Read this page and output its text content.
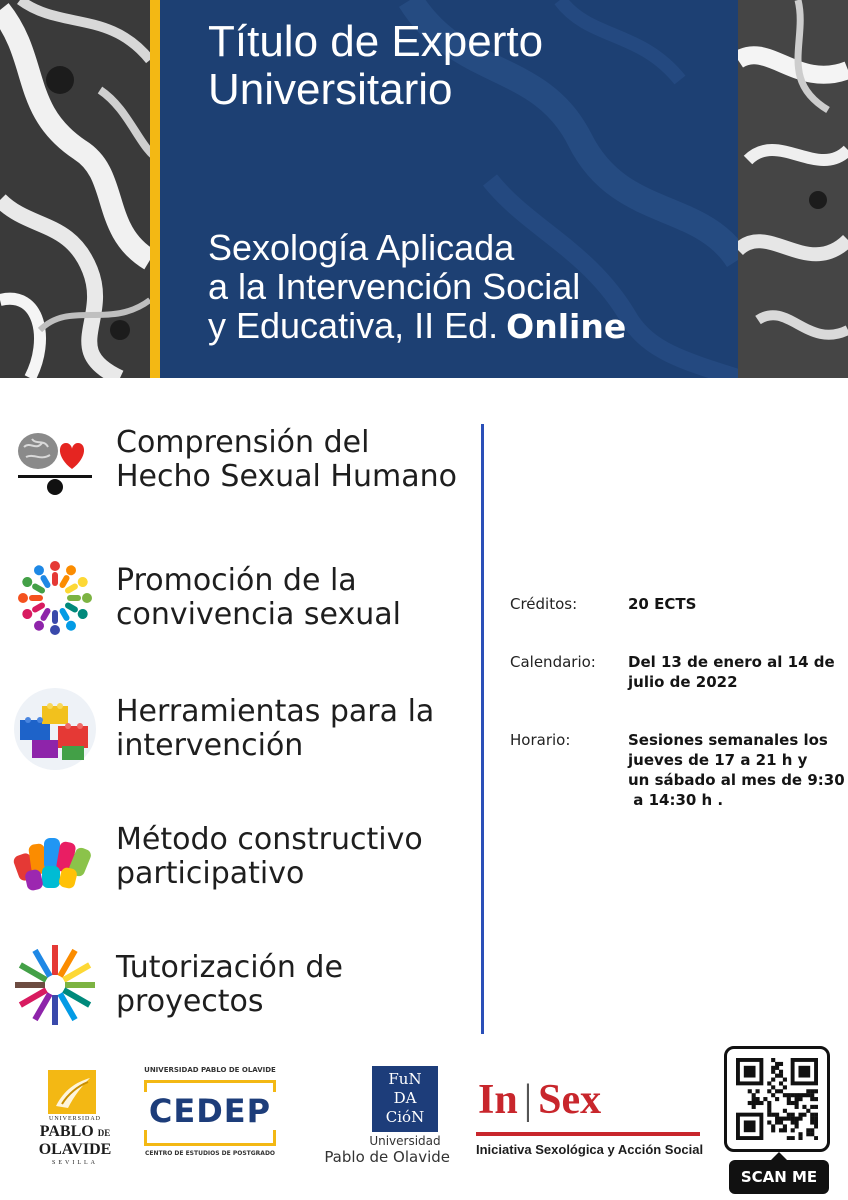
Título de Experto
Universitario
Sexología Aplicada
a la Intervención Social
y Educativa, II Ed. Online
Comprensión del
Hecho Sexual Humano
Promoción de la
convivencia sexual
Herramientas para la
intervención
Método constructivo
participativo
Tutorización de
proyectos
Créditos:	20 ECTS
Calendario: Del 13 de enero al 14 de
julio de 2022
Horario:	Sesiones semanales los
jueves de 17 a 21 h y
un sábado al mes de 9:30
a 14:30 h .
UNIVERSIDAD
PABLO DE
OLAVIDE
SEVILLA
UNIVERSIDAD PABLO DE OLAVIDE
CEDEP
CENTRO DE ESTUDIOS DE POSTGRADO
FuN
DA
CióN
Universidad
Pablo de Olavide
In | Sex
Iniciativa Sexológica y Acción Social
SCAN ME
